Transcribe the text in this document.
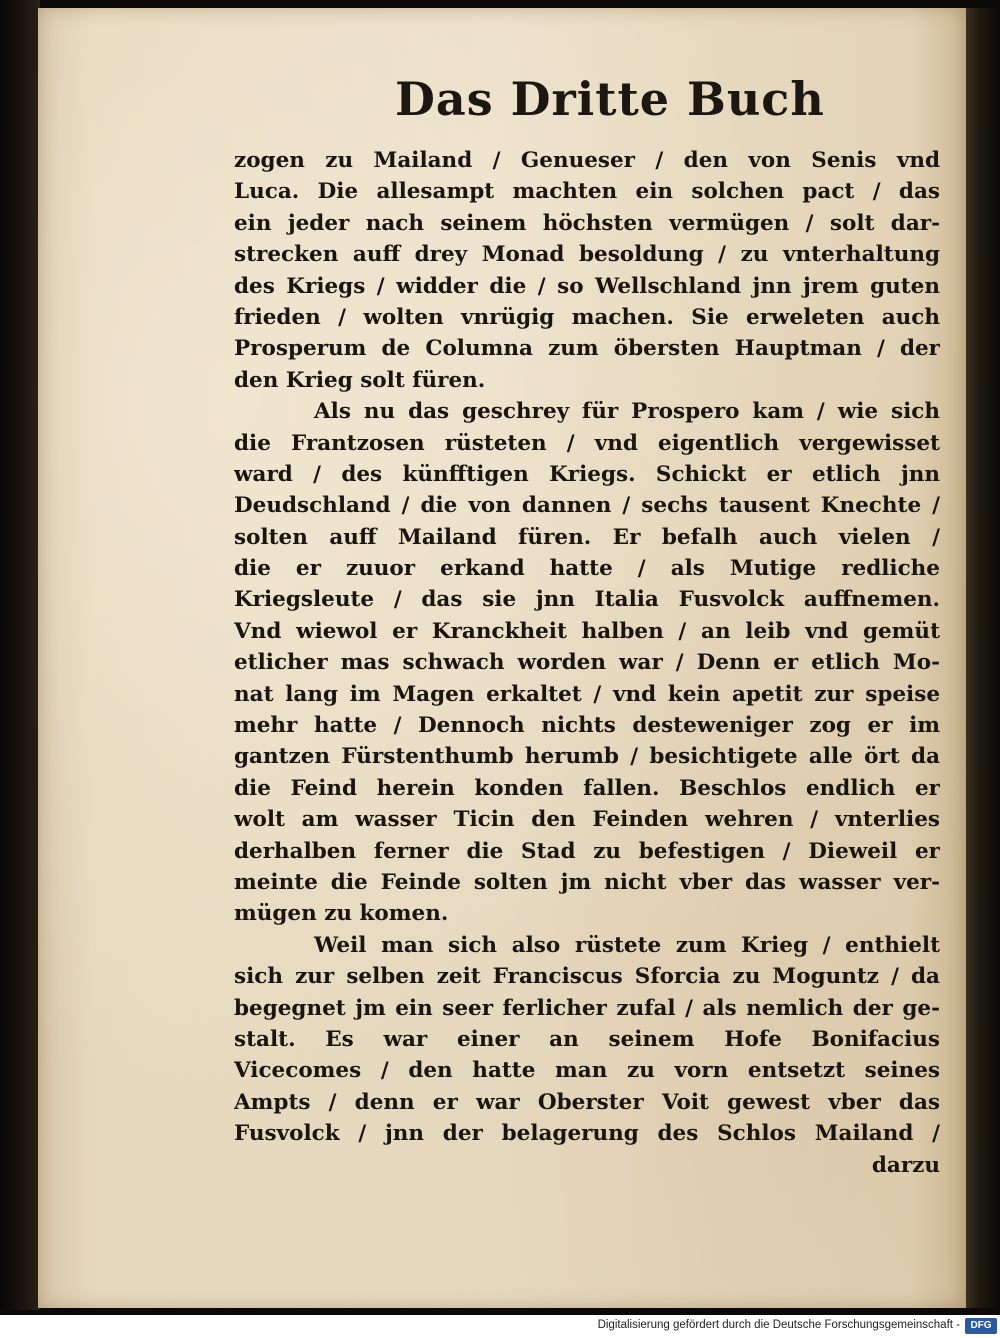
Das Dritte Buch
zogen zu Mailand / Genueser / den von Senis vnd
Luca. Die allesampt machten ein solchen pact / das
ein jeder nach seinem höchsten vermügen / solt dar-
strecken auff drey Monad besoldung / zu vnterhaltung
des Kriegs / widder die / so Wellschland jnn jrem guten
frieden / wolten vnrügig machen. Sie erweleten auch
Prosperum de Columna zum öbersten Hauptman / der
den Krieg solt füren.
Als nu das geschrey für Prospero kam / wie sich
die Frantzosen rüsteten / vnd eigentlich vergewisset
ward / des künfftigen Kriegs. Schickt er etlich jnn
Deudschland / die von dannen / sechs tausent Knechte /
solten auff Mailand füren. Er befalh auch vielen /
die er zuuor erkand hatte / als Mutige redliche
Kriegsleute / das sie jnn Italia Fusvolck auffnemen.
Vnd wiewol er Kranckheit halben / an leib vnd gemüt
etlicher mas schwach worden war / Denn er etlich Mo-
nat lang im Magen erkaltet / vnd kein apetit zur speise
mehr hatte / Dennoch nichts desteweniger zog er im
gantzen Fürstenthumb herumb / besichtigete alle ört da
die Feind herein konden fallen. Beschlos endlich er
wolt am wasser Ticin den Feinden wehren / vnterlies
derhalben ferner die Stad zu befestigen / Dieweil er
meinte die Feinde solten jm nicht vber das wasser ver-
mügen zu komen.
Weil man sich also rüstete zum Krieg / enthielt
sich zur selben zeit Franciscus Sforcia zu Moguntz / da
begegnet jm ein seer ferlicher zufal / als nemlich der ge-
stalt. Es war einer an seinem Hofe Bonifacius
Vicecomes / den hatte man zu vorn entsetzt seines
Ampts / denn er war Oberster Voit gewest vber das
Fusvolck / jnn der belagerung des Schlos Mailand /
darzu
Digitalisierung gefördert durch die Deutsche Forschungsgemeinschaft -	DFG
